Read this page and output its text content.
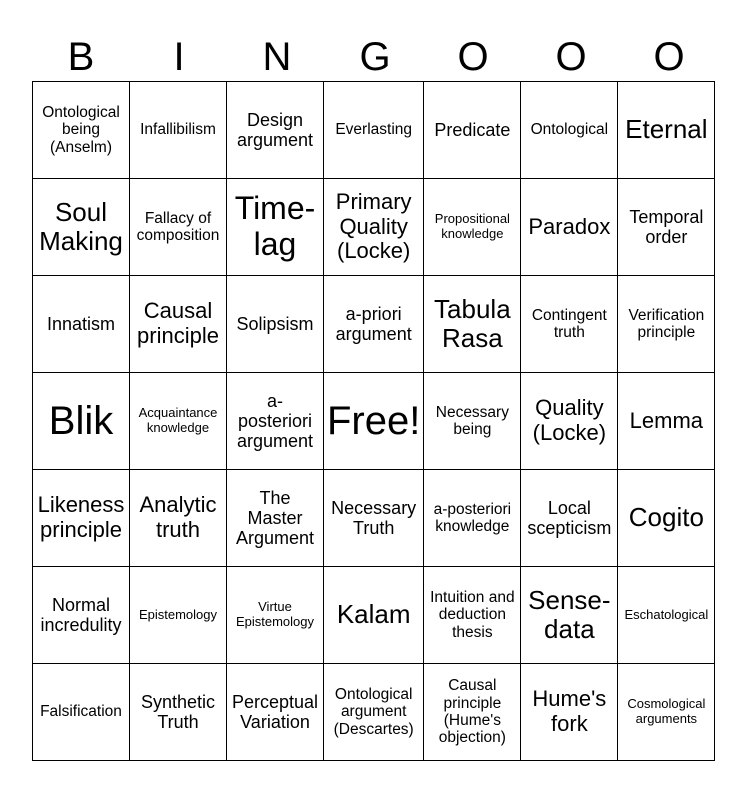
B	I	N	G	O	O	O
Ontological being (Anselm)	Infallibilism	Design argument	Everlasting	Predicate	Ontological	Eternal
Soul Making	Fallacy of composition	Time-lag	Primary Quality (Locke)	Propositional knowledge	Paradox	Temporal order
Innatism	Causal principle	Solipsism	a-priori argument	Tabula Rasa	Contingent truth	Verification principle
Blik	Acquaintance knowledge	a-posteriori argument	Free!	Necessary being	Quality (Locke)	Lemma
Likeness principle	Analytic truth	The Master Argument	Necessary Truth	a-posteriori knowledge	Local scepticism	Cogito
Normal incredulity	Epistemology	Virtue Epistemology	Kalam	Intuition and deduction thesis	Sense-data	Eschatological
Falsification	Synthetic Truth	Perceptual Variation	Ontological argument (Descartes)	Causal principle (Hume's objection)	Hume's fork	Cosmological arguments
